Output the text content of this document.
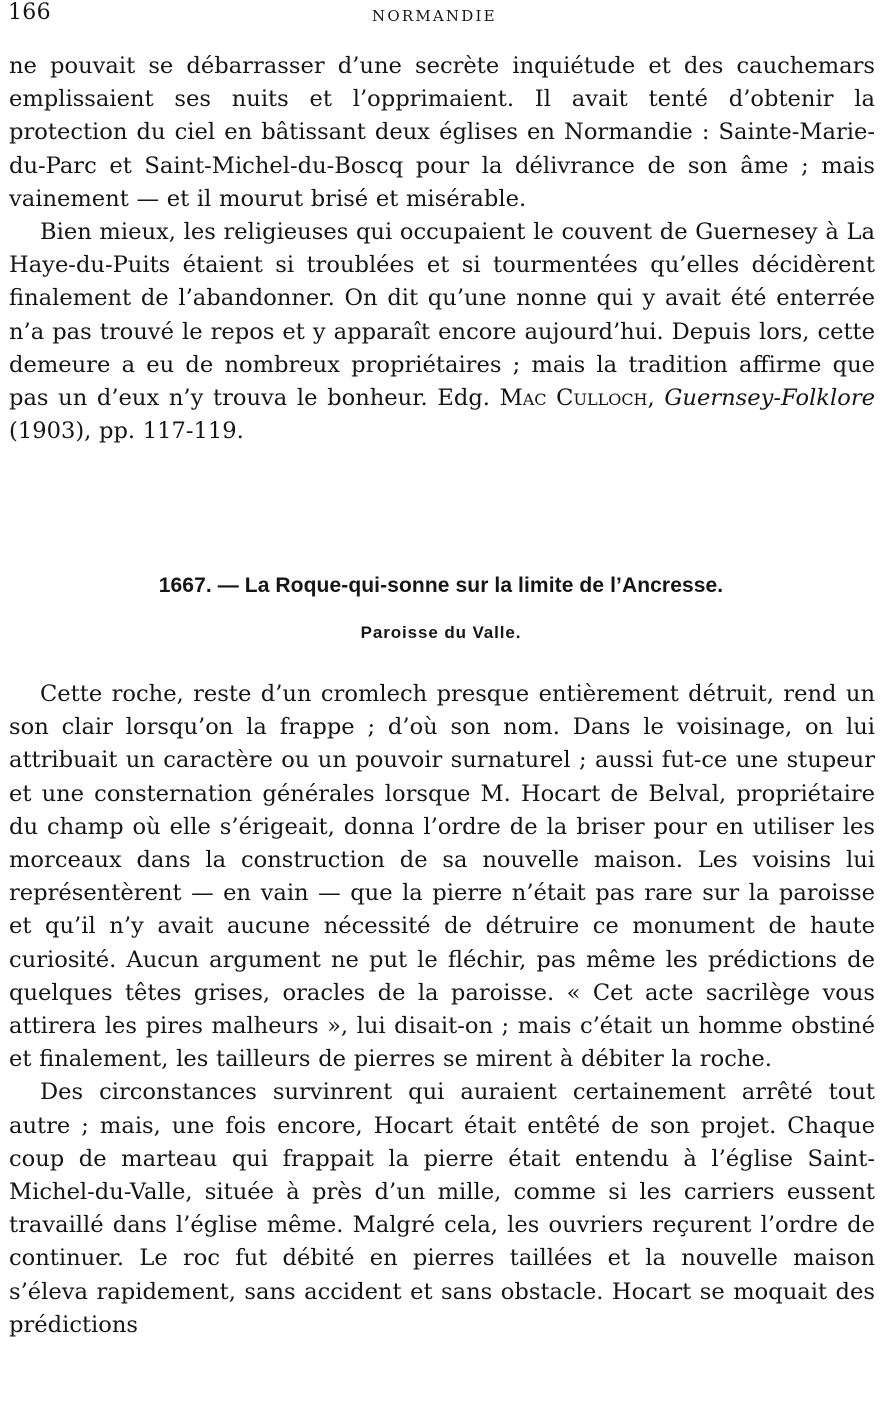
166	NORMANDIE

ne pouvait se débarrasser d’une secrète inquiétude et des cauchemars emplissaient ses nuits et l’opprimaient. Il avait tenté d’obtenir la protection du ciel en bâtissant deux églises en Normandie : Sainte-Marie-du-Parc et Saint-Michel-du-Boscq pour la délivrance de son âme ; mais vainement — et il mourut brisé et misérable.

Bien mieux, les religieuses qui occupaient le couvent de Guernesey à La Haye-du-Puits étaient si troublées et si tourmentées qu’elles décidèrent finalement de l’abandonner. On dit qu’une nonne qui y avait été enterrée n’a pas trouvé le repos et y apparaît encore aujourd’hui. Depuis lors, cette demeure a eu de nombreux propriétaires ; mais la tradition affirme que pas un d’eux n’y trouva le bonheur. Edg. Mac Culloch, Guernsey-Folklore (1903), pp. 117-119.

1667. — La Roque-qui-sonne sur la limite de l’Ancresse.
Paroisse du Valle.

Cette roche, reste d’un cromlech presque entièrement détruit, rend un son clair lorsqu’on la frappe ; d’où son nom. Dans le voisinage, on lui attribuait un caractère ou un pouvoir surnaturel ; aussi fut-ce une stupeur et une consternation générales lorsque M. Hocart de Belval, propriétaire du champ où elle s’érigeait, donna l’ordre de la briser pour en utiliser les morceaux dans la construction de sa nouvelle maison. Les voisins lui représentèrent — en vain — que la pierre n’était pas rare sur la paroisse et qu’il n’y avait aucune nécessité de détruire ce monument de haute curiosité. Aucun argument ne put le fléchir, pas même les prédictions de quelques têtes grises, oracles de la paroisse. « Cet acte sacrilège vous attirera les pires malheurs », lui disait-on ; mais c’était un homme obstiné et finalement, les tailleurs de pierres se mirent à débiter la roche.

Des circonstances survinrent qui auraient certainement arrêté tout autre ; mais, une fois encore, Hocart était entêté de son projet. Chaque coup de marteau qui frappait la pierre était entendu à l’église Saint-Michel-du-Valle, située à près d’un mille, comme si les carriers eussent travaillé dans l’église même. Malgré cela, les ouvriers reçurent l’ordre de continuer. Le roc fut débité en pierres taillées et la nouvelle maison s’éleva rapidement, sans accident et sans obstacle. Hocart se moquait des prédictions
